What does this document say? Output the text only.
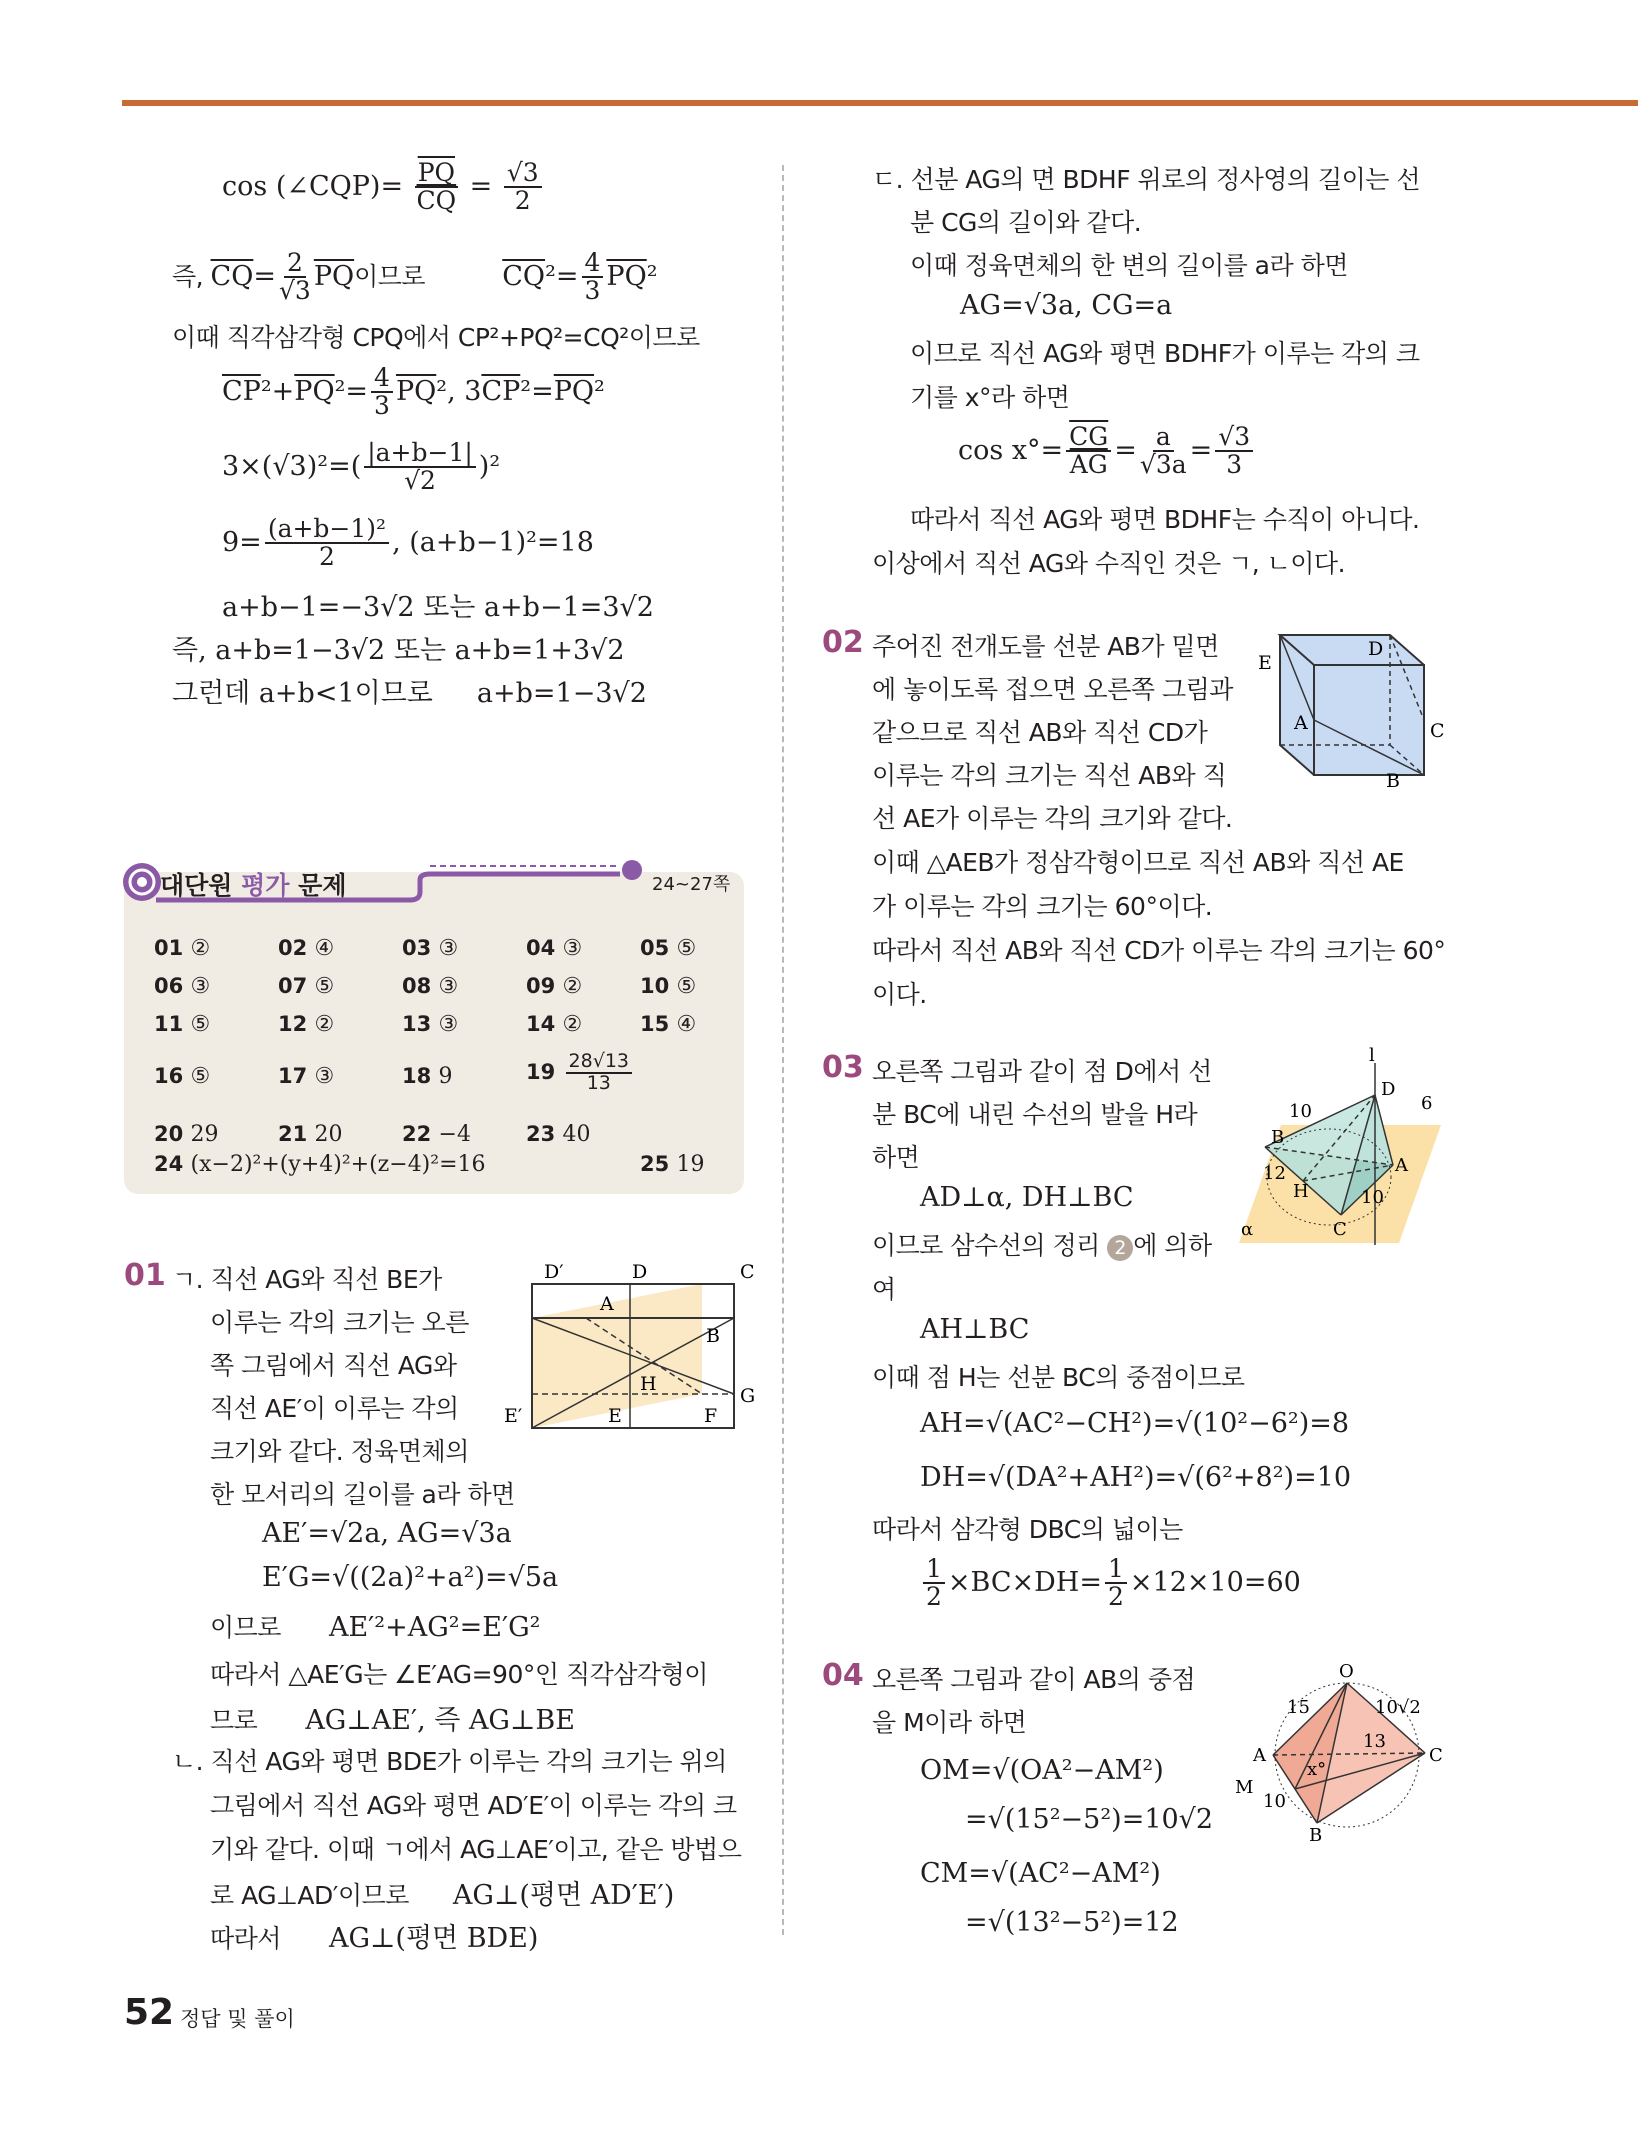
cos (∠CQP)= $\frac{\overline{PQ}}{CQ} = \frac{√3}{2}$
즉, $\overline{CQ}= \frac{2}{√3} \overline{PQ}$이므로	$\overline{CQ}^2= \frac{4}{3} \overline{PQ}^2$
이때 직각삼각형 CPQ에서 CP²+PQ²=CQ²이므로
$\overline{CP}^2+\overline{PQ}^2= \frac{4}{3} \overline{PQ}^2$, $3\overline{CP}^2=\overline{PQ}^2$
$3\times(√3)^2=( \frac{|a+b-1|}{√2} )^2$
$9= \frac{\text{(a+b−1)²}}{2}$ , (a+b−1)²=18
a+b−1=−3√2 또는 a+b−1=3√2
즉, a+b=1−3√2 또는 a+b=1+3√2
그런데 a+b<1이므로 a+b=1−3√2
대단원 평가 문제	24~27쪽
01 ②	02 ④	03 ③	04 ③	05 ⑤
06 ③	07 ⑤	08 ③	09 ②	10 ⑤
11 ⑤	12 ②	13 ③	14 ②	15 ④
16 ⑤	17 ③	18 9	$19 \frac{28√13}{13}$
20 29	21 20	22 −4	23 40
24 (x−2)²+(y+4)²+(z−4)²=16	25 19
01 ㄱ. 직선 AG와 직선 BE가
이루는 각의 크기는 오른
쪽 그림에서 직선 AG와
직선 AE′이 이루는 각의
크기와 같다. 정육면체의
한 모서리의 길이를 a라 하면
AE′=√2a, AG=√3a
E′G=√((2a)²+a²)=√5a
이므로 AE′²+AG²=E′G²
따라서 △AE′G는 ∠E′AG=90°인 직각삼각형이
므로 AG⊥AE′, 즉 AG⊥BE
ㄴ. 직선 AG와 평면 BDE가 이루는 각의 크기는 위의
그림에서 직선 AG와 평면 AD′E′이 이루는 각의 크
기와 같다. 이때 ㄱ에서 AG⊥AE′이고, 같은 방법으
로 AG⊥AD′이므로 AG⊥(평면 AD′E′)
따라서 AG⊥(평면 BDE)
D′	D	C
A
B
H
G
E′	E	F
ㄷ. 선분 AG의 면 BDHF 위로의 정사영의 길이는 선
분 CG의 길이와 같다.
이때 정육면체의 한 변의 길이를 a라 하면
AG=√3a, CG=a
이므로 직선 AG와 평면 BDHF가 이루는 각의 크
기를 x°라 하면
$\cos x^\circ= \frac{\overline{CG}}{AG} = \frac{a}{√3a} = \frac{√3}{3}$
따라서 직선 AG와 평면 BDHF는 수직이 아니다.
이상에서 직선 AG와 수직인 것은 ㄱ, ㄴ이다.
02 주어진 전개도를 선분 AB가 밑면
에 놓이도록 접으면 오른쪽 그림과
같으므로 직선 AB와 직선 CD가
이루는 각의 크기는 직선 AB와 직
선 AE가 이루는 각의 크기와 같다.
이때 △AEB가 정삼각형이므로 직선 AB와 직선 AE
가 이루는 각의 크기는 60°이다.
따라서 직선 AB와 직선 CD가 이루는 각의 크기는 60°
이다.
E
D
A	C
B
03 오른쪽 그림과 같이 점 D에서 선
분 BC에 내린 수선의 발을 H라
하면
AD⊥α, DH⊥BC
이므로 삼수선의 정리 2 에 의하
여
AH⊥BC
이때 점 H는 선분 BC의 중점이므로
AH=√(AC²−CH²)=√(10²−6²)=8
DH=√(DA²+AH²)=√(6²+8²)=10
따라서 삼각형 DBC의 넓이는
$\frac{1}{2} \times BC\times DH= \frac{1}{2} \times 12\times 10=60$
l
D
6
10
B
A
12
H	10
α	C
04 오른쪽 그림과 같이 AB의 중점
을 M이라 하면
OM=√(OA²−AM²)
=√(15²−5²)=10√2
CM=√(AC²−AM²)
=√(13²−5²)=12
O
15	10√2
A
13
C
x°
M
10
B
52 정답 및 풀이
